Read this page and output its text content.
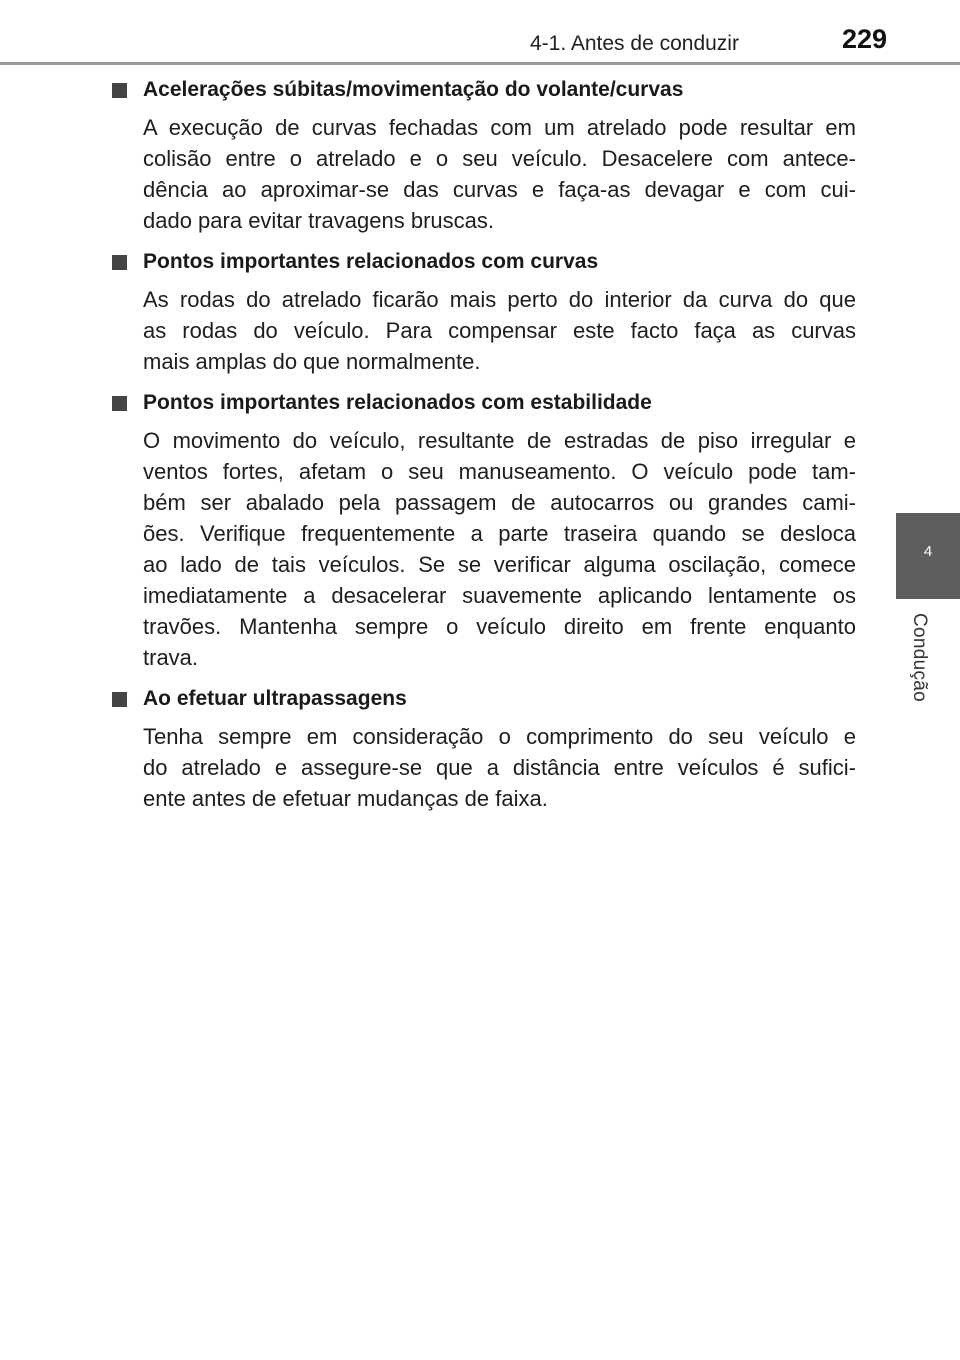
4-1. Antes de conduzir	229
4
Condução
Acelerações súbitas/movimentação do volante/curvas
A execução de curvas fechadas com um atrelado pode resultar em
colisão entre o atrelado e o seu veículo. Desacelere com antece-
dência ao aproximar-se das curvas e faça-as devagar e com cui-
dado para evitar travagens bruscas.
Pontos importantes relacionados com curvas
As rodas do atrelado ficarão mais perto do interior da curva do que
as rodas do veículo. Para compensar este facto faça as curvas
mais amplas do que normalmente.
Pontos importantes relacionados com estabilidade
O movimento do veículo, resultante de estradas de piso irregular e
ventos fortes, afetam o seu manuseamento. O veículo pode tam-
bém ser abalado pela passagem de autocarros ou grandes cami-
ões. Verifique frequentemente a parte traseira quando se desloca
ao lado de tais veículos. Se se verificar alguma oscilação, comece
imediatamente a desacelerar suavemente aplicando lentamente os
travões. Mantenha sempre o veículo direito em frente enquanto
trava.
Ao efetuar ultrapassagens
Tenha sempre em consideração o comprimento do seu veículo e
do atrelado e assegure-se que a distância entre veículos é sufici-
ente antes de efetuar mudanças de faixa.
